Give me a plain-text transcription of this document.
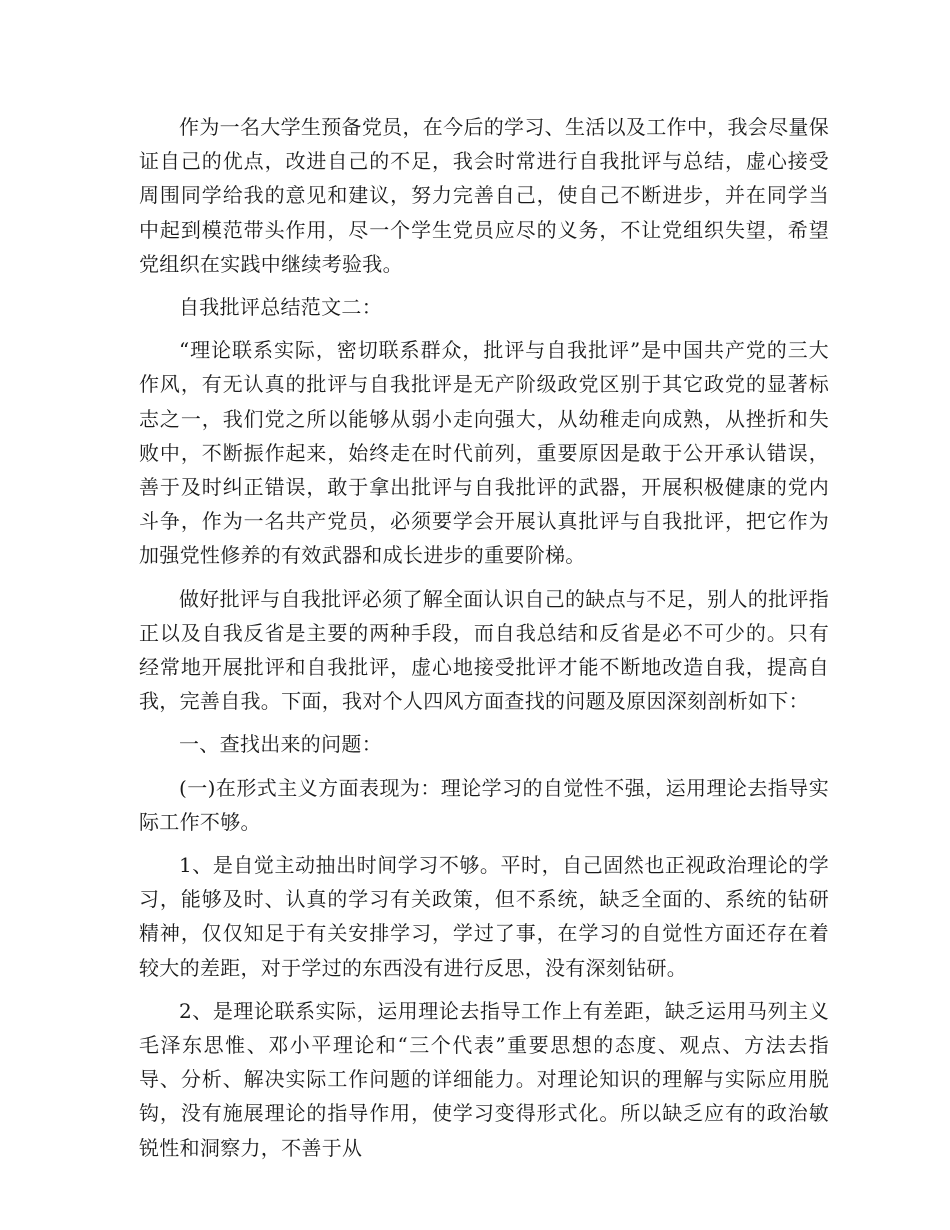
作为一名大学生预备党员，在今后的学习、生活以及工作中，我会尽量保证自己的优点，改进自己的不足，我会时常进行自我批评与总结，虚心接受周围同学给我的意见和建议，努力完善自己，使自己不断进步，并在同学当中起到模范带头作用，尽一个学生党员应尽的义务，不让党组织失望，希望党组织在实践中继续考验我。

自我批评总结范文二：

“理论联系实际，密切联系群众，批评与自我批评”是中国共产党的三大作风，有无认真的批评与自我批评是无产阶级政党区别于其它政党的显著标志之一，我们党之所以能够从弱小走向强大，从幼稚走向成熟，从挫折和失败中，不断振作起来，始终走在时代前列，重要原因是敢于公开承认错误，善于及时纠正错误，敢于拿出批评与自我批评的武器，开展积极健康的党内斗争，作为一名共产党员，必须要学会开展认真批评与自我批评，把它作为加强党性修养的有效武器和成长进步的重要阶梯。

做好批评与自我批评必须了解全面认识自己的缺点与不足，别人的批评指正以及自我反省是主要的两种手段，而自我总结和反省是必不可少的。只有经常地开展批评和自我批评，虚心地接受批评才能不断地改造自我，提高自我，完善自我。下面，我对个人四风方面查找的问题及原因深刻剖析如下：

一、查找出来的问题：

(一)在形式主义方面表现为：理论学习的自觉性不强，运用理论去指导实际工作不够。

1、是自觉主动抽出时间学习不够。平时，自己固然也正视政治理论的学习，能够及时、认真的学习有关政策，但不系统，缺乏全面的、系统的钻研精神，仅仅知足于有关安排学习，学过了事，在学习的自觉性方面还存在着较大的差距，对于学过的东西没有进行反思，没有深刻钻研。

2、是理论联系实际，运用理论去指导工作上有差距，缺乏运用马列主义毛泽东思惟、邓小平理论和“三个代表”重要思想的态度、观点、方法去指导、分析、解决实际工作问题的详细能力。对理论知识的理解与实际应用脱钩，没有施展理论的指导作用，使学习变得形式化。所以缺乏应有的政治敏锐性和洞察力，不善于从
